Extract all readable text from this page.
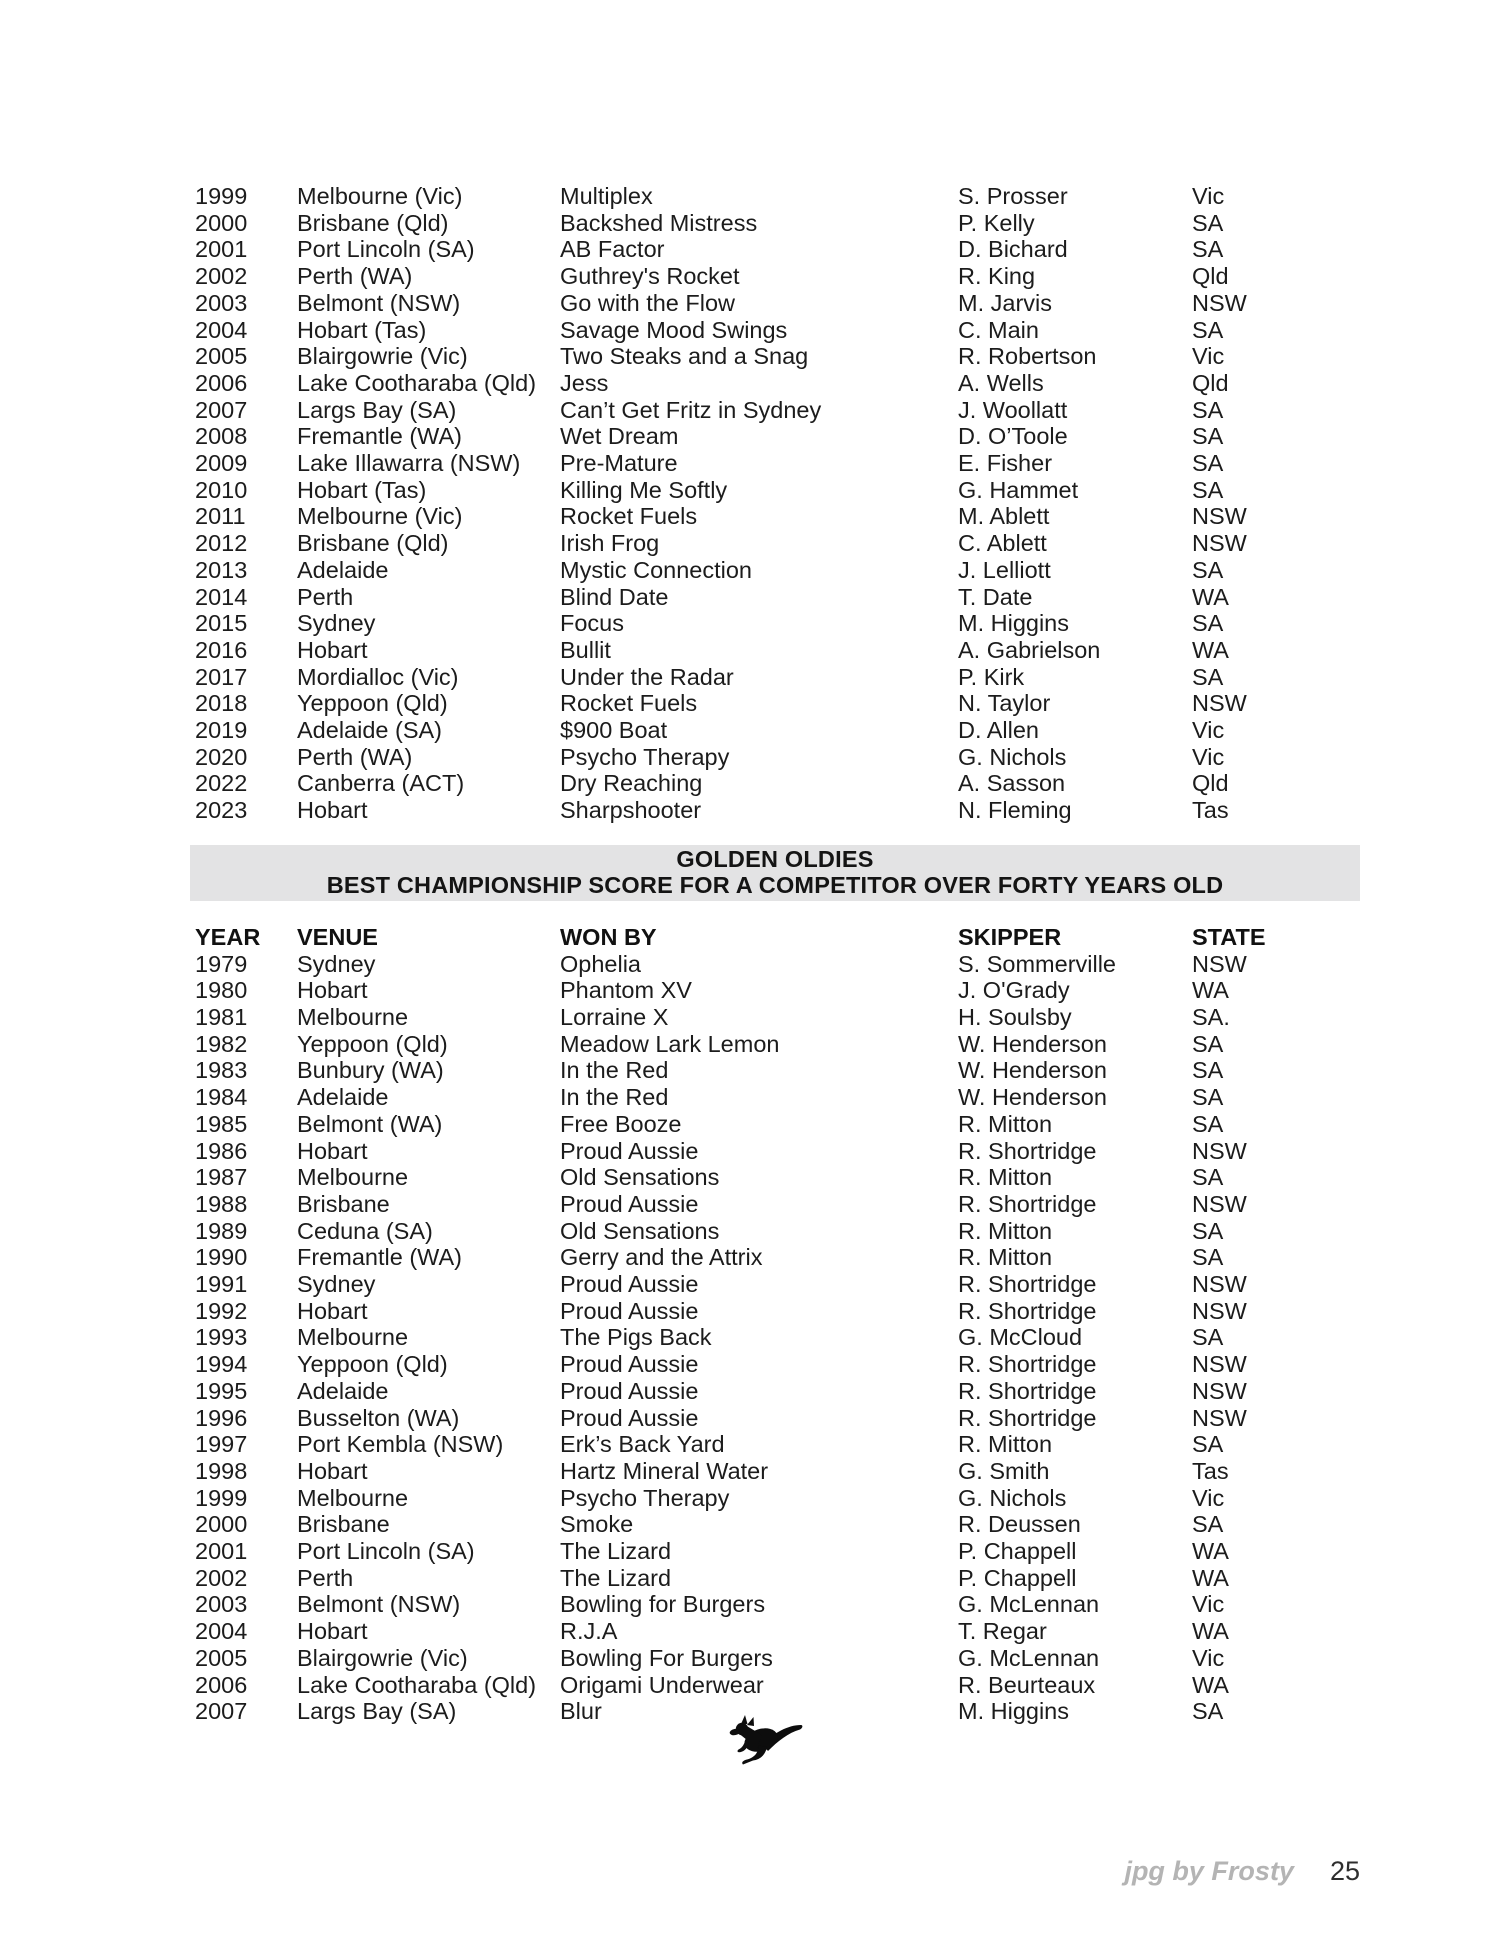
1999	Melbourne (Vic)	Multiplex	S. Prosser	Vic
2000	Brisbane (Qld)	Backshed Mistress	P. Kelly	SA
2001	Port Lincoln (SA)	AB Factor	D. Bichard	SA
2002	Perth (WA)	Guthrey's Rocket	R. King	Qld
2003	Belmont (NSW)	Go with the Flow	M. Jarvis	NSW
2004	Hobart (Tas)	Savage Mood Swings	C. Main	SA
2005	Blairgowrie (Vic)	Two Steaks and a Snag	R. Robertson	Vic
2006	Lake Cootharaba (Qld)	Jess	A. Wells	Qld
2007	Largs Bay (SA)	Can’t Get Fritz in Sydney	J. Woollatt	SA
2008	Fremantle (WA)	Wet Dream	D. O’Toole	SA
2009	Lake Illawarra (NSW)	Pre-Mature	E. Fisher	SA
2010	Hobart (Tas)	Killing Me Softly	G. Hammet	SA
2011	Melbourne (Vic)	Rocket Fuels	M. Ablett	NSW
2012	Brisbane (Qld)	Irish Frog	C. Ablett	NSW
2013	Adelaide	Mystic Connection	J. Lelliott	SA
2014	Perth	Blind Date	T. Date	WA
2015	Sydney	Focus	M. Higgins	SA
2016	Hobart	Bullit	A. Gabrielson	WA
2017	Mordialloc (Vic)	Under the Radar	P. Kirk	SA
2018	Yeppoon (Qld)	Rocket Fuels	N. Taylor	NSW
2019	Adelaide (SA)	$900 Boat	D. Allen	Vic
2020	Perth (WA)	Psycho Therapy	G. Nichols	Vic
2022	Canberra (ACT)	Dry Reaching	A. Sasson	Qld
2023	Hobart	Sharpshooter	N. Fleming	Tas
GOLDEN OLDIES
BEST CHAMPIONSHIP SCORE FOR A COMPETITOR OVER FORTY YEARS OLD
YEAR	VENUE	WON BY	SKIPPER	STATE
1979	Sydney	Ophelia	S. Sommerville	NSW
1980	Hobart	Phantom XV	J. O'Grady	WA
1981	Melbourne	Lorraine X	H. Soulsby	SA.
1982	Yeppoon (Qld)	Meadow Lark Lemon	W. Henderson	SA
1983	Bunbury (WA)	In the Red	W. Henderson	SA
1984	Adelaide	In the Red	W. Henderson	SA
1985	Belmont (WA)	Free Booze	R. Mitton	SA
1986	Hobart	Proud Aussie	R. Shortridge	NSW
1987	Melbourne	Old Sensations	R. Mitton	SA
1988	Brisbane	Proud Aussie	R. Shortridge	NSW
1989	Ceduna (SA)	Old Sensations	R. Mitton	SA
1990	Fremantle (WA)	Gerry and the Attrix	R. Mitton	SA
1991	Sydney	Proud Aussie	R. Shortridge	NSW
1992	Hobart	Proud Aussie	R. Shortridge	NSW
1993	Melbourne	The Pigs Back	G. McCloud	SA
1994	Yeppoon (Qld)	Proud Aussie	R. Shortridge	NSW
1995	Adelaide	Proud Aussie	R. Shortridge	NSW
1996	Busselton (WA)	Proud Aussie	R. Shortridge	NSW
1997	Port Kembla (NSW)	Erk’s Back Yard	R. Mitton	SA
1998	Hobart	Hartz Mineral Water	G. Smith	Tas
1999	Melbourne	Psycho Therapy	G. Nichols	Vic
2000	Brisbane	Smoke	R. Deussen	SA
2001	Port Lincoln (SA)	The Lizard	P. Chappell	WA
2002	Perth	The Lizard	P. Chappell	WA
2003	Belmont (NSW)	Bowling for Burgers	G. McLennan	Vic
2004	Hobart	R.J.A	T. Regar	WA
2005	Blairgowrie (Vic)	Bowling For Burgers	G. McLennan	Vic
2006	Lake Cootharaba (Qld)	Origami Underwear	R. Beurteaux	WA
2007	Largs Bay (SA)	Blur	M. Higgins	SA
jpg by Frosty 25
